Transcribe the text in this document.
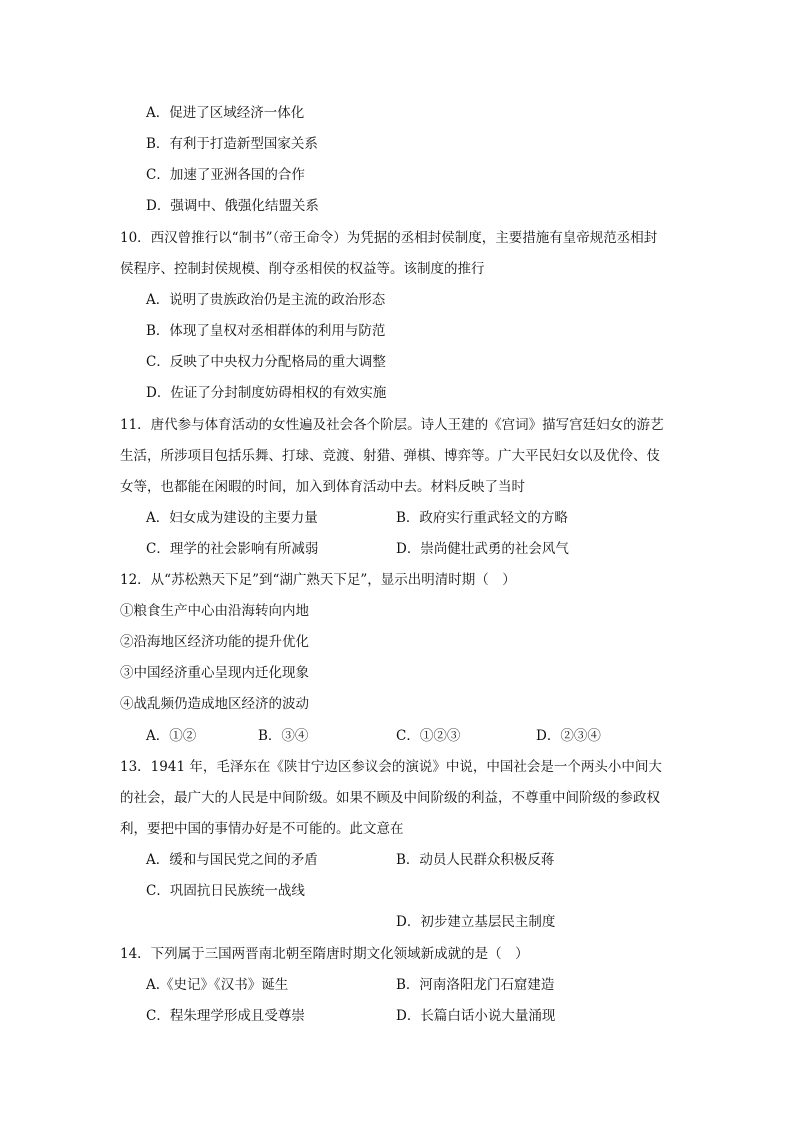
A．促进了区域经济一体化
B．有利于打造新型国家关系
C．加速了亚洲各国的合作
D．强调中、俄强化结盟关系
10．西汉曾推行以“制书”（帝王命令）为凭据的丞相封侯制度，主要措施有皇帝规范丞相封
侯程序、控制封侯规模、削夺丞相侯的权益等。该制度的推行
A．说明了贵族政治仍是主流的政治形态
B．体现了皇权对丞相群体的利用与防范
C．反映了中央权力分配格局的重大调整
D．佐证了分封制度妨碍相权的有效实施
11．唐代参与体育活动的女性遍及社会各个阶层。诗人王建的《宫词》描写宫廷妇女的游艺
生活，所涉项目包括乐舞、打球、竞渡、射猎、弹棋、博弈等。广大平民妇女以及优伶、伎
女等，也都能在闲暇的时间，加入到体育活动中去。材料反映了当时
A．妇女成为建设的主要力量	B．政府实行重武轻文的方略
C．理学的社会影响有所减弱	D．崇尚健壮武勇的社会风气
12．从“苏松熟天下足”到“湖广熟天下足”，显示出明清时期（　）
①粮食生产中心由沿海转向内地
②沿海地区经济功能的提升优化
③中国经济重心呈现内迁化现象
④战乱频仍造成地区经济的波动
A．①②	B．③④	C．①②③	D．②③④
13．1941 年，毛泽东在《陕甘宁边区参议会的演说》中说，中国社会是一个两头小中间大
的社会，最广大的人民是中间阶级。如果不顾及中间阶级的利益，不尊重中间阶级的参政权
利，要把中国的事情办好是不可能的。此文意在
A．缓和与国民党之间的矛盾	B．动员人民群众积极反蒋
C．巩固抗日民族统一战线
D．初步建立基层民主制度
14．下列属于三国两晋南北朝至隋唐时期文化领域新成就的是（　）
A.《史记》《汉书》诞生	B．河南洛阳龙门石窟建造
C．程朱理学形成且受尊崇	D．长篇白话小说大量涌现
